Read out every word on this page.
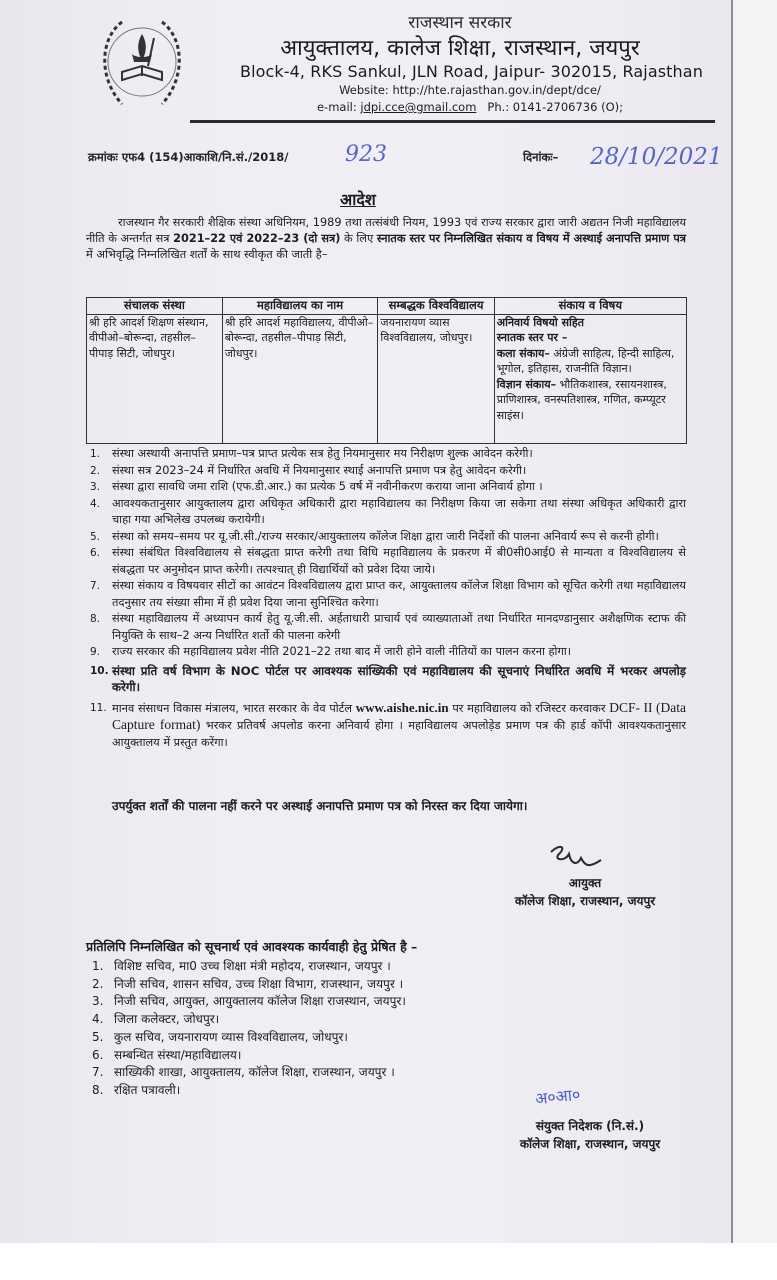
राजस्थान सरकार
आयुक्तालय, कालेज शिक्षा, राजस्थान, जयपुर
Block-4, RKS Sankul, JLN Road, Jaipur- 302015, Rajasthan
Website: http://hte.rajasthan.gov.in/dept/dce/
e-mail: jdpi.cce@gmail.com Ph.: 0141-2706736 (O);
क्रमांकः एफ4 (154)आकाशि/नि.सं./2018/	923	दिनांकः– 28/10/2021
आदेश
राजस्थान गैर सरकारी शैक्षिक संस्था अधिनियम, 1989 तथा तत्संबंधी नियम, 1993 एवं राज्य सरकार द्वारा जारी अद्यतन निजी महाविद्यालय नीति के अन्तर्गत सत्र 2021–22 एवं 2022–23 (दो सत्र) के लिए स्नातक स्तर पर निम्नलिखित संकाय व विषय में अस्थाई अनापत्ति प्रमाण पत्र में अभिवृद्धि निम्नलिखित शर्तों के साथ स्वीकृत की जाती है–
संचालक संस्था	महाविद्यालय का नाम	सम्बद्धक विश्वविद्यालय	संकाय व विषय
श्री हरि आदर्श शिक्षण संस्थान, वीपीओ–बोरून्दा, तहसील–पीपाड़ सिटी, जोधपुर।	श्री हरि आदर्श महाविद्यालय, वीपीओ–बोरून्दा, तहसील–पीपाड़ सिटी, जोधपुर।	जयनारायण व्यास विश्वविद्यालय, जोधपुर।	अनिवार्य विषयो सहित
स्नातक स्तर पर –
कला संकाय– अंग्रेजी साहित्य, हिन्दी साहित्य, भूगोल, इतिहास, राजनीति विज्ञान।
विज्ञान संकाय– भौतिकशास्त्र, रसायनशास्त्र, प्राणिशास्त्र, वनस्पतिशास्त्र, गणित, कम्प्यूटर साइंस।
1. संस्था अस्थायी अनापत्ति प्रमाण–पत्र प्राप्त प्रत्येक सत्र हेतु नियमानुसार मय निरीक्षण शुल्क आवेदन करेगी।
2. संस्था सत्र 2023–24 में निर्धारित अवधि में नियमानुसार स्थाई अनापत्ति प्रमाण पत्र हेतु आवेदन करेगी।
3. संस्था द्वारा सावधि जमा राशि (एफ.डी.आर.) का प्रत्येक 5 वर्ष में नवीनीकरण कराया जाना अनिवार्य होगा ।
4. आवश्यकतानुसार आयुक्तालय द्वारा अधिकृत अधिकारी द्वारा महाविद्यालय का निरीक्षण किया जा सकेगा तथा संस्था अधिकृत अधिकारी द्वारा चाहा गया अभिलेख उपलब्ध करायेगी।
5. संस्था को समय–समय पर यू.जी.सी./राज्य सरकार/आयुक्तालय कॉलेज शिक्षा द्वारा जारी निर्देशों की पालना अनिवार्य रूप से करनी होगी।
6. संस्था संबंधित विश्वविद्यालय से संबद्धता प्राप्त करेगी तथा विधि महाविद्यालय के प्रकरण में बी0सी0आई0 से मान्यता व विश्वविद्यालय से संबद्धता पर अनुमोदन प्राप्त करेगी। तत्पश्चात् ही विद्यार्थियों को प्रवेश दिया जाये।
7. संस्था संकाय व विषयवार सीटों का आवंटन विश्वविद्यालय द्वारा प्राप्त कर, आयुक्तालय कॉलेज शिक्षा विभाग को सूचित करेगी तथा महाविद्यालय तदनुसार तय संख्या सीमा में ही प्रवेश दिया जाना सुनिश्चित करेगा।
8. संस्था महाविद्यालय में अध्यापन कार्य हेतु यू.जी.सी. अर्हताधारी प्राचार्य एवं व्याख्याताओं तथा निर्धारित मानदण्डानुसार अशैक्षणिक स्टाफ की नियुक्ति के साथ–2 अन्य निर्धारित शर्तो की पालना करेगी
9. राज्य सरकार की महाविद्यालय प्रवेश नीति 2021–22 तथा बाद में जारी होने वाली नीतियों का पालन करना होगा।
10. संस्था प्रति वर्ष विभाग के NOC पोर्टल पर आवश्यक सांख्यिकी एवं महाविद्यालय की सूचनाएं निर्धारित अवधि में भरकर अपलोड़ करेगी।
11. मानव संसाधन विकास मंत्रालय, भारत सरकार के वेव पोर्टल www.aishe.nic.in पर महाविद्यालय को रजिस्टर करवाकर DCF- II (Data Capture format) भरकर प्रतिवर्ष अपलोड करना अनिवार्य होगा । महाविद्यालय अपलोड़ेड प्रमाण पत्र की हार्ड कॉपी आवश्यकतानुसार आयुक्तालय में प्रस्तुत करेंगा।
उपर्युक्त शर्तों की पालना नहीं करने पर अस्थाई अनापत्ति प्रमाण पत्र को निरस्त कर दिया जायेगा।
आयुक्त
कॉलेज शिक्षा, राजस्थान, जयपुर
प्रतिलिपि निम्नलिखित को सूचनार्थ एवं आवश्यक कार्यवाही हेतु प्रेषित है –
1. विशिष्ट सचिव, मा0 उच्च शिक्षा मंत्री महोदय, राजस्थान, जयपुर ।
2. निजी सचिव, शासन सचिव, उच्च शिक्षा विभाग, राजस्थान, जयपुर ।
3. निजी सचिव, आयुक्त, आयुक्तालय कॉलेज शिक्षा राजस्थान, जयपुर।
4. जिला कलेक्टर, जोधपुर।
5. कुल सचिव, जयनारायण व्यास विश्वविद्यालय, जोधपुर।
6. सम्बन्धित संस्था/महाविद्यालय।
7. साख्यिकी शाखा, आयुक्तालय, कॉलेज शिक्षा, राजस्थान, जयपुर ।
8. रक्षित पत्रावली।	अ०आ०
संयुक्त निदेशक (नि.सं.)
कॉलेज शिक्षा, राजस्थान, जयपुर
